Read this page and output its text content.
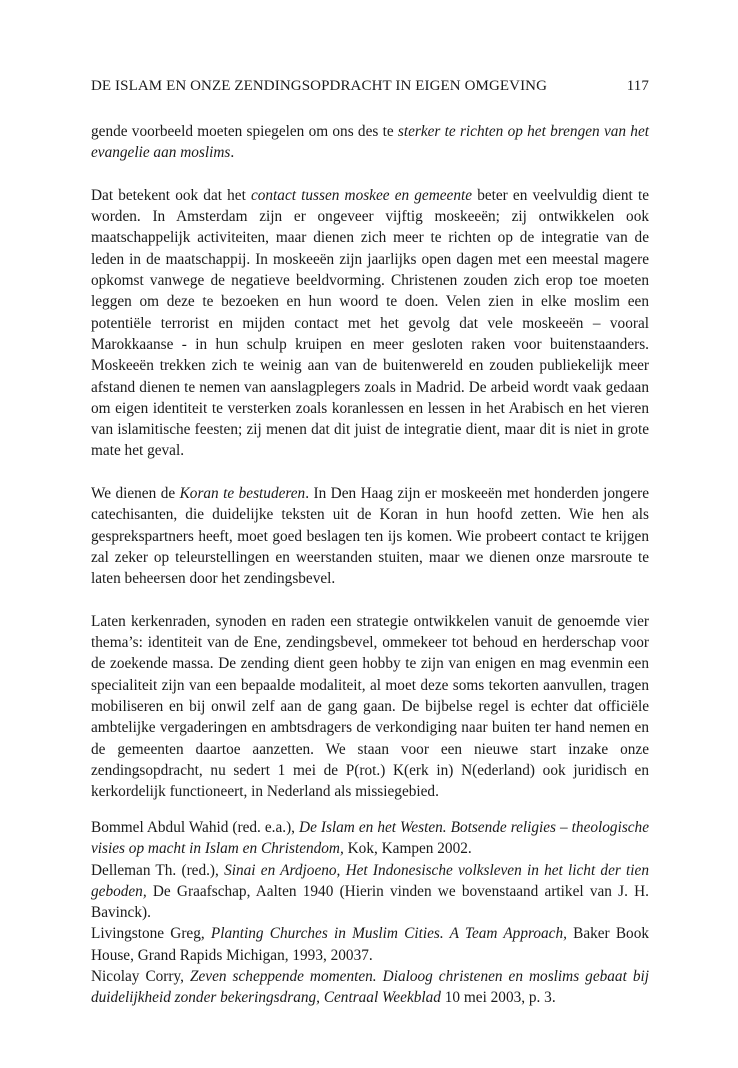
DE ISLAM EN ONZE ZENDINGSOPDRACHT IN EIGEN OMGEVING	117

gende voorbeeld moeten spiegelen om ons des te sterker te richten op het brengen van het evangelie aan moslims.

Dat betekent ook dat het contact tussen moskee en gemeente beter en veelvuldig dient te worden. In Amsterdam zijn er ongeveer vijftig moskeeën; zij ontwikkelen ook maatschappelijk activiteiten, maar dienen zich meer te richten op de integratie van de leden in de maatschappij. In moskeeën zijn jaarlijks open dagen met een meestal magere opkomst vanwege de negatieve beeldvorming. Christenen zouden zich erop toe moeten leggen om deze te bezoeken en hun woord te doen. Velen zien in elke moslim een potentiële terrorist en mijden contact met het gevolg dat vele moskeeën – vooral Marokkaanse - in hun schulp kruipen en meer gesloten raken voor buitenstaanders. Moskeeën trekken zich te weinig aan van de buitenwereld en zouden publiekelijk meer afstand dienen te nemen van aanslagplegers zoals in Madrid. De arbeid wordt vaak gedaan om eigen identiteit te versterken zoals koranlessen en lessen in het Arabisch en het vieren van islamitische feesten; zij menen dat dit juist de integratie dient, maar dit is niet in grote mate het geval.

We dienen de Koran te bestuderen. In Den Haag zijn er moskeeën met honderden jongere catechisanten, die duidelijke teksten uit de Koran in hun hoofd zetten. Wie hen als gesprekspartners heeft, moet goed beslagen ten ijs komen. Wie probeert contact te krijgen zal zeker op teleurstellingen en weerstanden stuiten, maar we dienen onze marsroute te laten beheersen door het zendingsbevel.

Laten kerkenraden, synoden en raden een strategie ontwikkelen vanuit de genoemde vier thema’s: identiteit van de Ene, zendingsbevel, ommekeer tot behoud en herderschap voor de zoekende massa. De zending dient geen hobby te zijn van enigen en mag evenmin een specialiteit zijn van een bepaalde modaliteit, al moet deze soms tekorten aanvullen, tragen mobiliseren en bij onwil zelf aan de gang gaan. De bijbelse regel is echter dat officiële ambtelijke vergaderingen en ambtsdragers de verkondiging naar buiten ter hand nemen en de gemeenten daartoe aanzetten. We staan voor een nieuwe start inzake onze zendingsopdracht, nu sedert 1 mei de P(rot.) K(erk in) N(ederland) ook juridisch en kerkordelijk functioneert, in Nederland als missiegebied.

Bommel Abdul Wahid (red. e.a.), De Islam en het Westen. Botsende religies – theologische visies op macht in Islam en Christendom, Kok, Kampen 2002.

Delleman Th. (red.), Sinai en Ardjoeno, Het Indonesische volksleven in het licht der tien geboden, De Graafschap, Aalten 1940 (Hierin vinden we bovenstaand artikel van J. H. Bavinck).

Livingstone Greg, Planting Churches in Muslim Cities. A Team Approach, Baker Book House, Grand Rapids Michigan, 1993, 20037.

Nicolay Corry, Zeven scheppende momenten. Dialoog christenen en moslims gebaat bij duidelijkheid zonder bekeringsdrang, Centraal Weekblad 10 mei 2003, p. 3.
